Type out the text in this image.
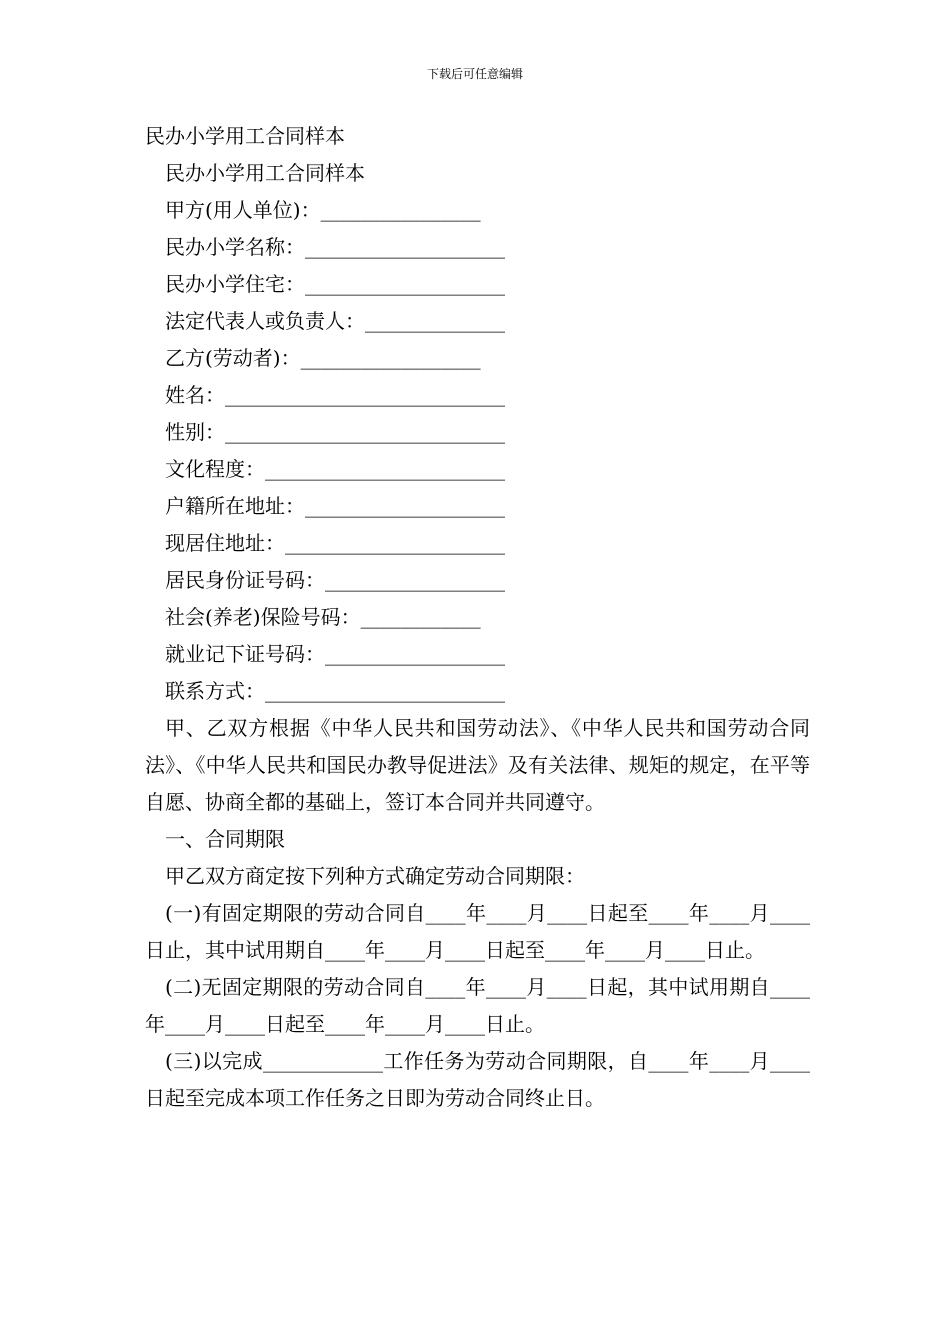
下载后可任意编辑
民办小学用工合同样本
民办小学用工合同样本
甲方(用人单位)：________________
民办小学名称：____________________
民办小学住宅：____________________
法定代表人或负责人：______________
乙方(劳动者)：__________________
姓名：____________________________
性别：____________________________
文化程度：________________________
户籍所在地址：____________________
现居住地址：______________________
居民身份证号码：__________________
社会(养老)保险号码：____________
就业记下证号码：__________________
联系方式：________________________
甲、乙双方根据《中华人民共和国劳动法》、《中华人民共和国劳动合同法》、《中华人民共和国民办教导促进法》及有关法律、规矩的规定，在平等自愿、协商全都的基础上，签订本合同并共同遵守。
一、合同期限
甲乙双方商定按下列种方式确定劳动合同期限：
(一)有固定期限的劳动合同自____年____月____日起至____年____月____日止，其中试用期自____年____月____日起至____年____月____日止。
(二)无固定期限的劳动合同自____年____月____日起，其中试用期自____年____月____日起至____年____月____日止。
(三)以完成____________工作任务为劳动合同期限，自____年____月____日起至完成本项工作任务之日即为劳动合同终止日。
